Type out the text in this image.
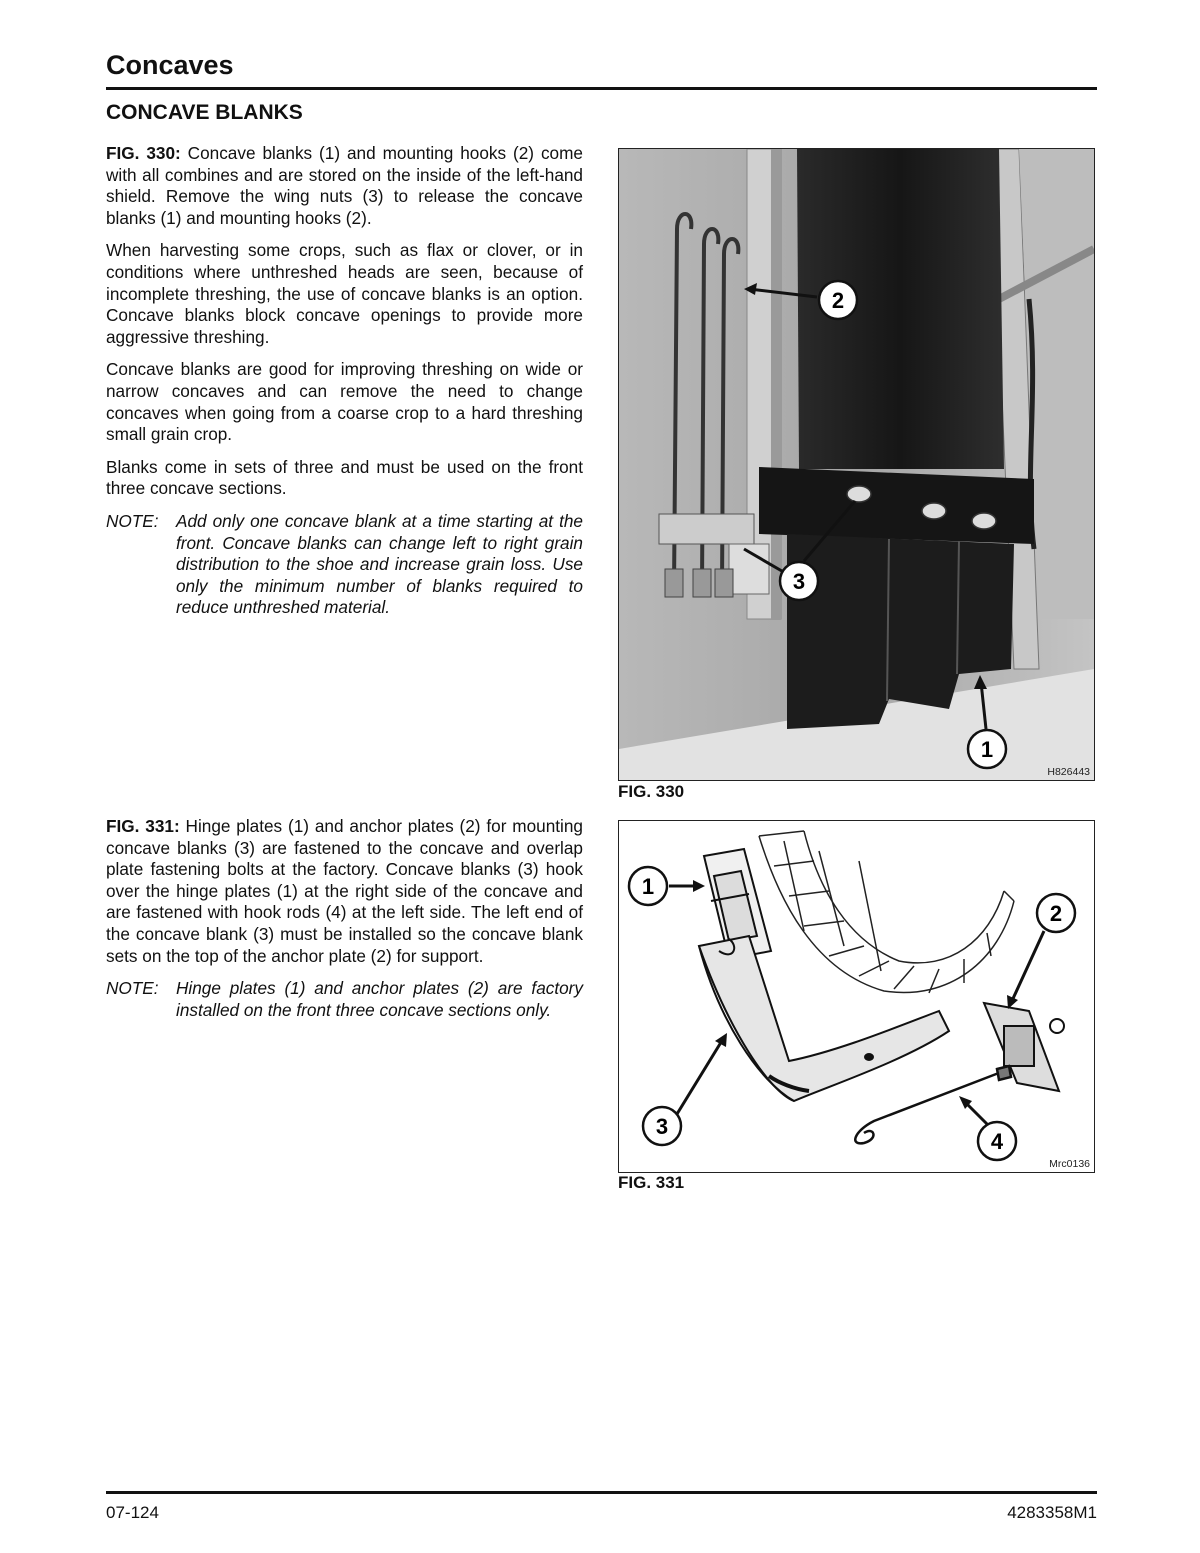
Concaves
CONCAVE BLANKS

FIG. 330: Concave blanks (1) and mounting hooks (2) come with all combines and are stored on the inside of the left-hand shield. Remove the wing nuts (3) to release the concave blanks (1) and mounting hooks (2).

When harvesting some crops, such as flax or clover, or in conditions where unthreshed heads are seen, because of incomplete threshing, the use of concave blanks is an option. Concave blanks block concave openings to provide more aggressive threshing.

Concave blanks are good for improving threshing on wide or narrow concaves and can remove the need to change concaves when going from a coarse crop to a hard threshing small grain crop.

Blanks come in sets of three and must be used on the front three concave sections.

NOTE:	Add only one concave blank at a time starting at the front. Concave blanks can change left to right grain distribution to the shoe and increase grain loss. Use only the minimum number of blanks required to reduce unthreshed material.

FIG. 331: Hinge plates (1) and anchor plates (2) for mounting concave blanks (3) are fastened to the concave and overlap plate fastening bolts at the factory. Concave blanks (3) hook over the hinge plates (1) at the right side of the concave and are fastened with hook rods (4) at the left side. The left end of the concave blank (3) must be installed so the concave blank sets on the top of the anchor plate (2) for support.

NOTE:	Hinge plates (1) and anchor plates (2) are factory installed on the front three concave sections only.
2
3
1
H826443
FIG. 330
1
2
3
4
Mrc0136
FIG. 331
07-124	4283358M1
